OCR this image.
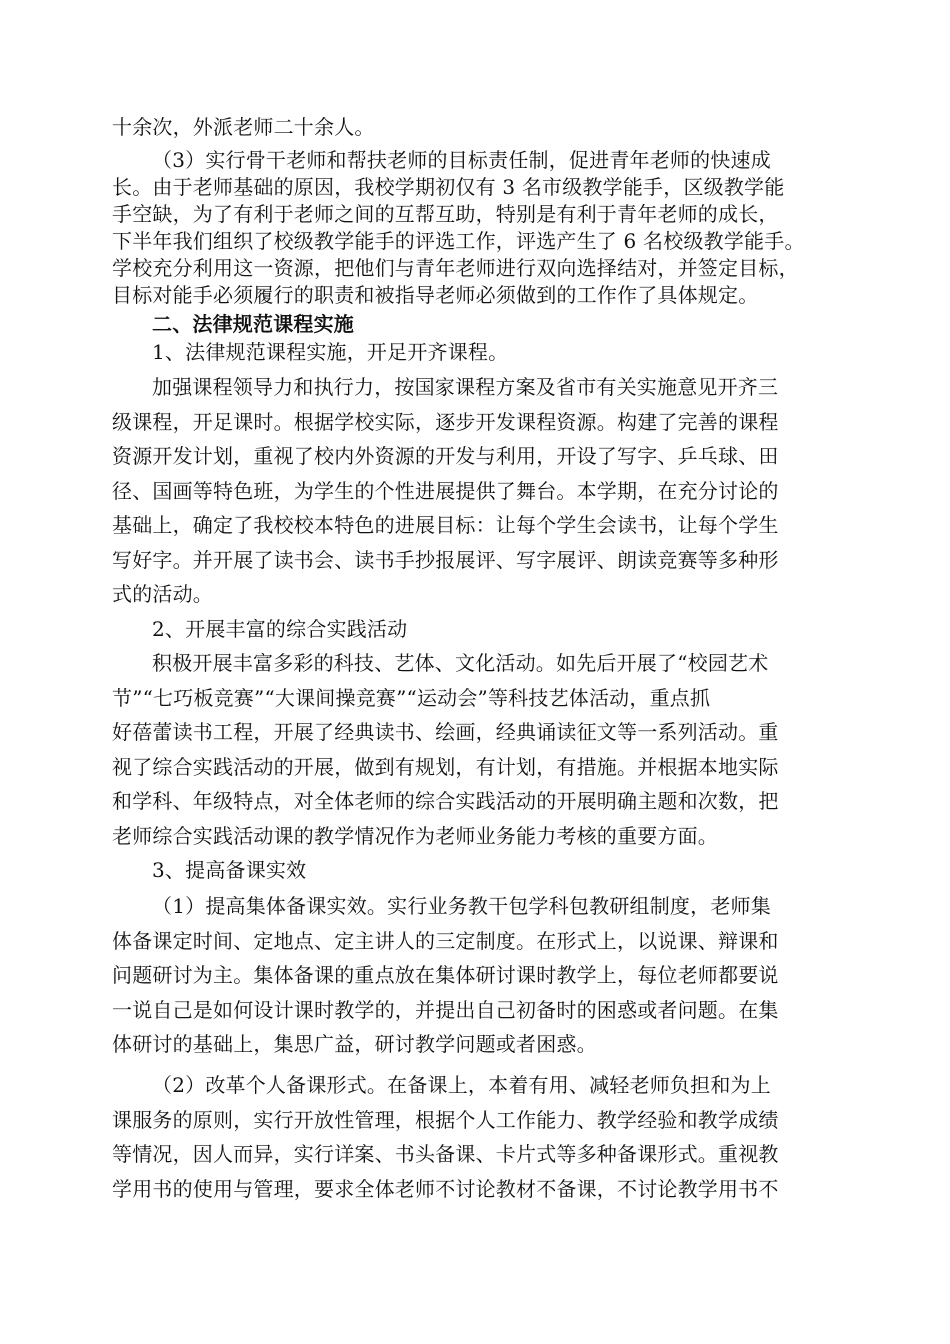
十余次，外派老师二十余人。
（3）实行骨干老师和帮扶老师的目标责任制，促进青年老师的快速成
长。由于老师基础的原因，我校学期初仅有 3 名市级教学能手，区级教学能
手空缺，为了有利于老师之间的互帮互助，特别是有利于青年老师的成长，
下半年我们组织了校级教学能手的评选工作，评选产生了 6 名校级教学能手。
学校充分利用这一资源，把他们与青年老师进行双向选择结对，并签定目标，
目标对能手必须履行的职责和被指导老师必须做到的工作作了具体规定。
二、法律规范课程实施
1、法律规范课程实施，开足开齐课程。
加强课程领导力和执行力，按国家课程方案及省市有关实施意见开齐三
级课程，开足课时。根据学校实际，逐步开发课程资源。构建了完善的课程
资源开发计划，重视了校内外资源的开发与利用，开设了写字、乒乓球、田
径、国画等特色班，为学生的个性进展提供了舞台。本学期，在充分讨论的
基础上，确定了我校校本特色的进展目标：让每个学生会读书，让每个学生
写好字。并开展了读书会、读书手抄报展评、写字展评、朗读竞赛等多种形
式的活动。
2、开展丰富的综合实践活动
积极开展丰富多彩的科技、艺体、文化活动。如先后开展了“校园艺术
节”“七巧板竞赛”“大课间操竞赛”“运动会”等科技艺体活动，重点抓
好蓓蕾读书工程，开展了经典读书、绘画，经典诵读征文等一系列活动。重
视了综合实践活动的开展，做到有规划，有计划，有措施。并根据本地实际
和学科、年级特点，对全体老师的综合实践活动的开展明确主题和次数，把
老师综合实践活动课的教学情况作为老师业务能力考核的重要方面。
3、提高备课实效
（1）提高集体备课实效。实行业务教干包学科包教研组制度，老师集
体备课定时间、定地点、定主讲人的三定制度。在形式上，以说课、辩课和
问题研讨为主。集体备课的重点放在集体研讨课时教学上，每位老师都要说
一说自己是如何设计课时教学的，并提出自己初备时的困惑或者问题。在集
体研讨的基础上，集思广益，研讨教学问题或者困惑。
（2）改革个人备课形式。在备课上，本着有用、减轻老师负担和为上
课服务的原则，实行开放性管理，根据个人工作能力、教学经验和教学成绩
等情况，因人而异，实行详案、书头备课、卡片式等多种备课形式。重视教
学用书的使用与管理，要求全体老师不讨论教材不备课，不讨论教学用书不
